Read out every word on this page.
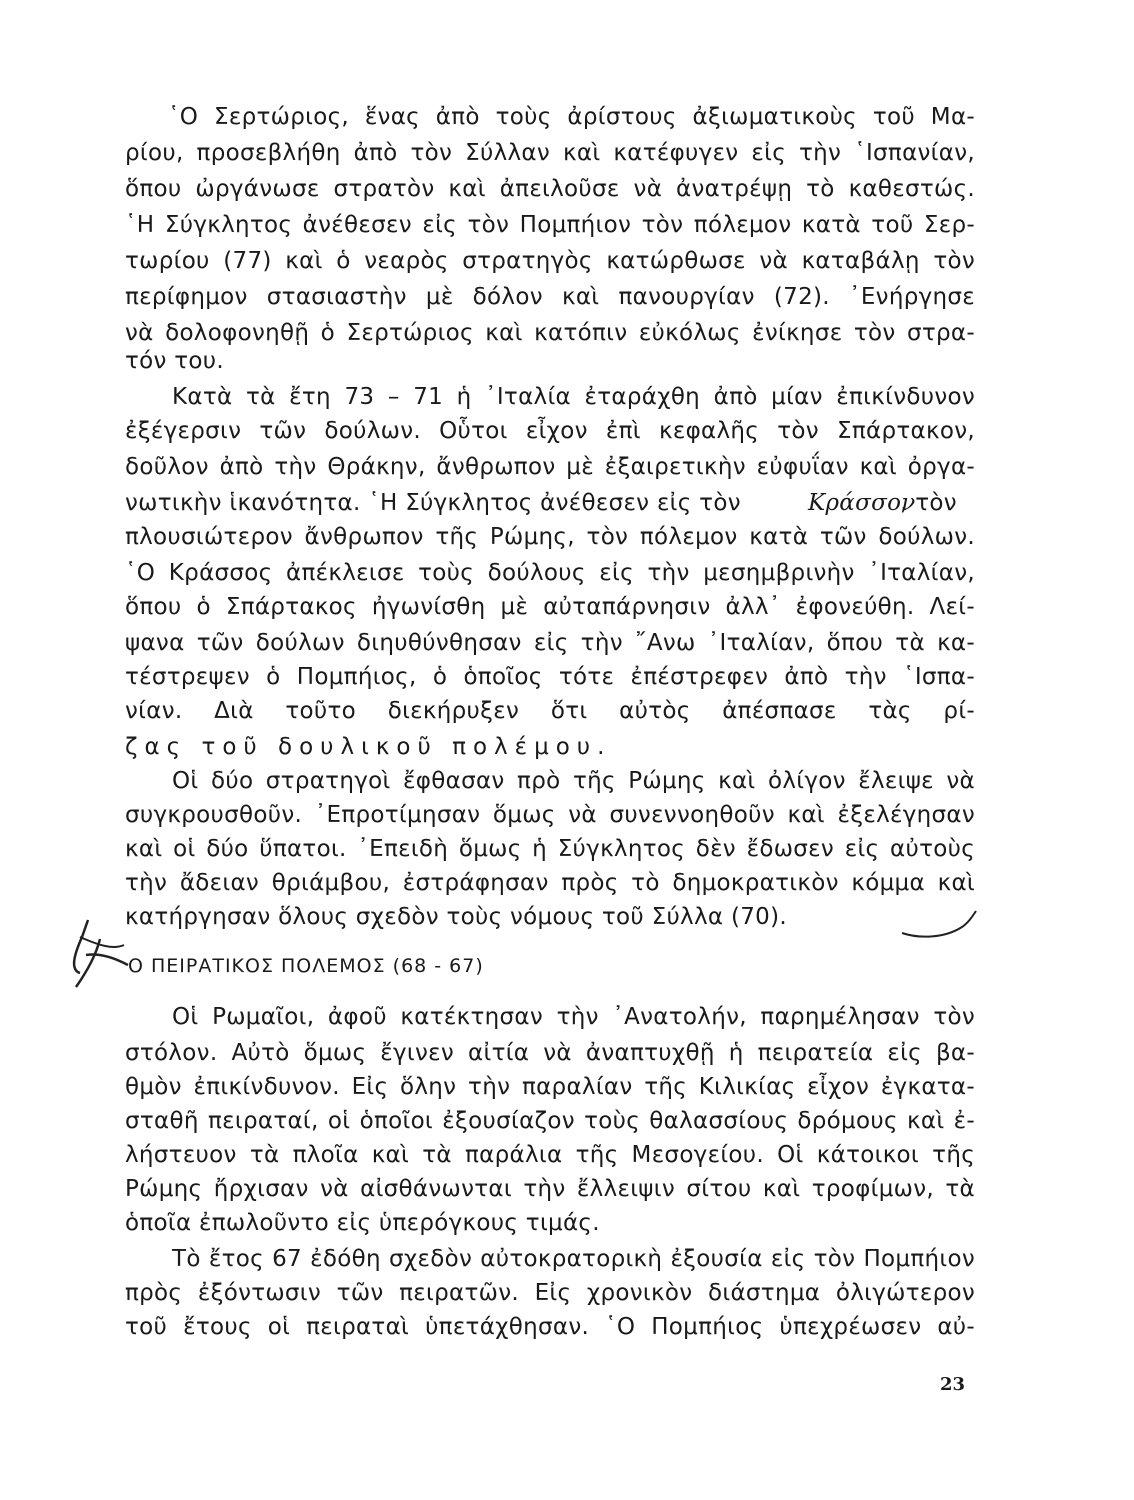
῾Ο Σερτώριος, ἕνας ἀπὸ τοὺς ἀρίστους ἀξιωματικοὺς τοῦ Μα-
ρίου, προσεβλήθη ἀπὸ τὸν Σύλλαν καὶ κατέφυγεν εἰς τὴν ῾Ισπανίαν,
ὅπου ὠργάνωσε στρατὸν καὶ ἀπειλοῦσε νὰ ἀνατρέψῃ τὸ καθεστώς.
῾Η Σύγκλητος ἀνέθεσεν εἰς τὸν Πομπήιον τὸν πόλεμον κατὰ τοῦ Σερ-
τωρίου (77) καὶ ὁ νεαρὸς στρατηγὸς κατώρθωσε νὰ καταβάλῃ τὸν
περίφημον στασιαστὴν μὲ δόλον καὶ πανουργίαν (72). ᾿Ενήργησε
νὰ δολοφονηθῇ ὁ Σερτώριος καὶ κατόπιν εὐκόλως ἐνίκησε τὸν στρα-
τόν του.
Κατὰ τὰ ἔτη 73 – 71 ἡ ᾿Ιταλία ἐταράχθη ἀπὸ μίαν ἐπικίνδυνον
ἐξέγερσιν τῶν δούλων. Οὗτοι εἶχον ἐπὶ κεφαλῆς τὸν Σπάρτακον,
δοῦλον ἀπὸ τὴν Θράκην, ἄνθρωπον μὲ ἐξαιρετικὴν εὐφυΐαν καὶ ὀργα-
νωτικὴν ἱκανότητα. ῾Η Σύγκλητος ἀνέθεσεν εἰς τὸν	Κράσσον
, τὸν
πλουσιώτερον ἄνθρωπον τῆς Ρώμης, τὸν πόλεμον κατὰ τῶν δούλων.
῾Ο Κράσσος ἀπέκλεισε τοὺς δούλους εἰς τὴν μεσημβρινὴν ᾿Ιταλίαν,
ὅπου ὁ Σπάρτακος ἠγωνίσθη μὲ αὐταπάρνησιν ἀλλ᾿ ἐφονεύθη. Λεί-
ψανα τῶν δούλων διηυθύνθησαν εἰς τὴν ῎Ανω ᾿Ιταλίαν, ὅπου τὰ κα-
τέστρεψεν ὁ Πομπήιος, ὁ ὁποῖος τότε ἐπέστρεφεν ἀπὸ τὴν ῾Ισπα-
νίαν. Διὰ τοῦτο διεκήρυξεν ὅτι αὐτὸς ἀπέσπασε τὰς ρί-
ζας τοῦ δουλικοῦ πολέμου.
Οἱ δύο στρατηγοὶ ἔφθασαν πρὸ τῆς Ρώμης καὶ ὀλίγον ἔλειψε νὰ
συγκρουσθοῦν. ᾿Επροτίμησαν ὅμως νὰ συνεννοηθοῦν καὶ ἐξελέγησαν
καὶ οἱ δύο ὕπατοι. ᾿Επειδὴ ὅμως ἡ Σύγκλητος δὲν ἔδωσεν εἰς αὐτοὺς
τὴν ἄδειαν θριάμβου, ἐστράφησαν πρὸς τὸ δημοκρατικὸν κόμμα καὶ
κατήργησαν ὅλους σχεδὸν τοὺς νόμους τοῦ Σύλλα (70).
Ο ΠΕΙΡΑΤΙΚΟΣ ΠΟΛΕΜΟΣ (68 - 67)
Οἱ Ρωμαῖοι, ἀφοῦ κατέκτησαν τὴν ᾿Ανατολήν, παρημέλησαν τὸν
στόλον. Αὐτὸ ὅμως ἔγινεν αἰτία νὰ ἀναπτυχθῇ ἡ πειρατεία εἰς βα-
θμὸν ἐπικίνδυνον. Εἰς ὅλην τὴν παραλίαν τῆς Κιλικίας εἶχον ἐγκατα-
σταθῆ πειραταί, οἱ ὁποῖοι ἐξουσίαζον τοὺς θαλασσίους δρόμους καὶ ἐ-
λήστευον τὰ πλοῖα καὶ τὰ παράλια τῆς Μεσογείου. Οἱ κάτοικοι τῆς
Ρώμης ἤρχισαν νὰ αἰσθάνωνται τὴν ἔλλειψιν σίτου καὶ τροφίμων, τὰ
ὁποῖα ἐπωλοῦντο εἰς ὑπερόγκους τιμάς.
Τὸ ἔτος 67 ἐδόθη σχεδὸν αὐτοκρατορικὴ ἐξουσία εἰς τὸν Πομπήιον
πρὸς ἐξόντωσιν τῶν πειρατῶν. Εἰς χρονικὸν διάστημα ὀλιγώτερον
τοῦ ἔτους οἱ πειραταὶ ὑπετάχθησαν. ῾Ο Πομπήιος ὑπεχρέωσεν αὐ-
23
